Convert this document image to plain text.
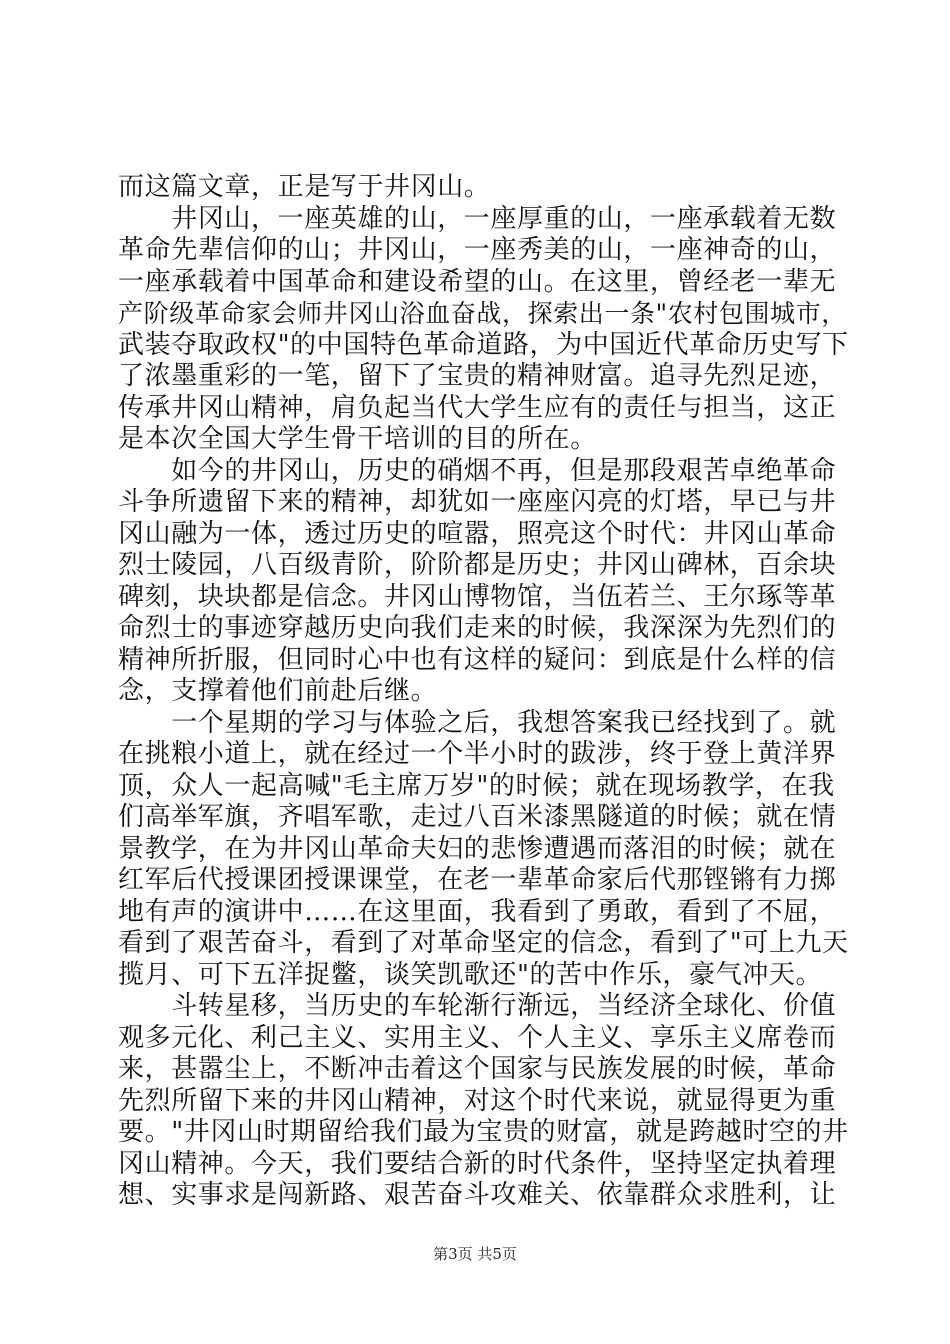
而这篇文章，正是写于井冈山。
　　井冈山，一座英雄的山，一座厚重的山，一座承载着无数
革命先辈信仰的山；井冈山，一座秀美的山，一座神奇的山，
一座承载着中国革命和建设希望的山。在这里，曾经老一辈无
产阶级革命家会师井冈山浴血奋战，探索出一条"农村包围城市，
武装夺取政权"的中国特色革命道路，为中国近代革命历史写下
了浓墨重彩的一笔，留下了宝贵的精神财富。追寻先烈足迹，
传承井冈山精神，肩负起当代大学生应有的责任与担当，这正
是本次全国大学生骨干培训的目的所在。
　　如今的井冈山，历史的硝烟不再，但是那段艰苦卓绝革命
斗争所遗留下来的精神，却犹如一座座闪亮的灯塔，早已与井
冈山融为一体，透过历史的喧嚣，照亮这个时代：井冈山革命
烈士陵园，八百级青阶，阶阶都是历史；井冈山碑林，百余块
碑刻，块块都是信念。井冈山博物馆，当伍若兰、王尔琢等革
命烈士的事迹穿越历史向我们走来的时候，我深深为先烈们的
精神所折服，但同时心中也有这样的疑问：到底是什么样的信
念，支撑着他们前赴后继。
　　一个星期的学习与体验之后，我想答案我已经找到了。就
在挑粮小道上，就在经过一个半小时的跋涉，终于登上黄洋界
顶，众人一起高喊"毛主席万岁"的时候；就在现场教学，在我
们高举军旗，齐唱军歌，走过八百米漆黑隧道的时候；就在情
景教学，在为井冈山革命夫妇的悲惨遭遇而落泪的时候；就在
红军后代授课团授课课堂，在老一辈革命家后代那铿锵有力掷
地有声的演讲中……在这里面，我看到了勇敢，看到了不屈，
看到了艰苦奋斗，看到了对革命坚定的信念，看到了"可上九天
揽月、可下五洋捉鳖，谈笑凯歌还"的苦中作乐，豪气冲天。
　　斗转星移，当历史的车轮渐行渐远，当经济全球化、价值
观多元化、利己主义、实用主义、个人主义、享乐主义席卷而
来，甚嚣尘上，不断冲击着这个国家与民族发展的时候，革命
先烈所留下来的井冈山精神，对这个时代来说，就显得更为重
要。"井冈山时期留给我们最为宝贵的财富，就是跨越时空的井
冈山精神。今天，我们要结合新的时代条件，坚持坚定执着理
想、实事求是闯新路、艰苦奋斗攻难关、依靠群众求胜利，让
第3页 共5页
